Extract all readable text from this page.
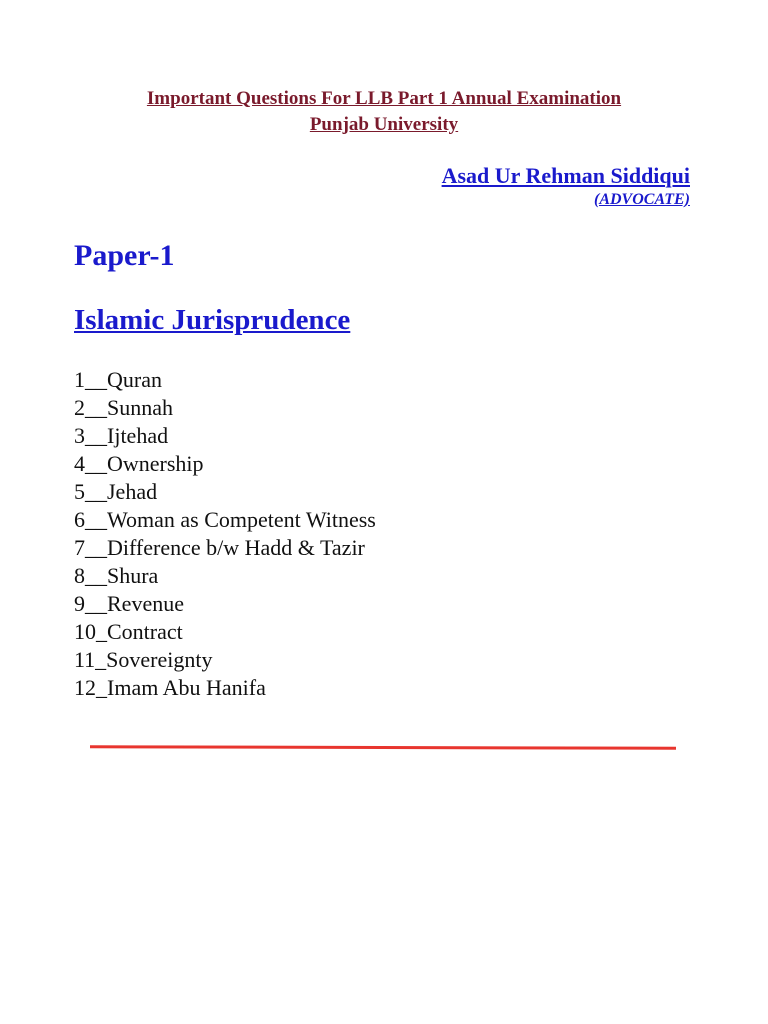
Important Questions For LLB Part 1 Annual Examination
Punjab University
Asad Ur Rehman Siddiqui
(ADVOCATE)
Paper-1
Islamic Jurisprudence
1__Quran
2__Sunnah
3__Ijtehad
4__Ownership
5__Jehad
6__Woman as Competent Witness
7__Difference b/w Hadd & Tazir
8__Shura
9__Revenue
10_Contract
11_Sovereignty
12_Imam Abu Hanifa
